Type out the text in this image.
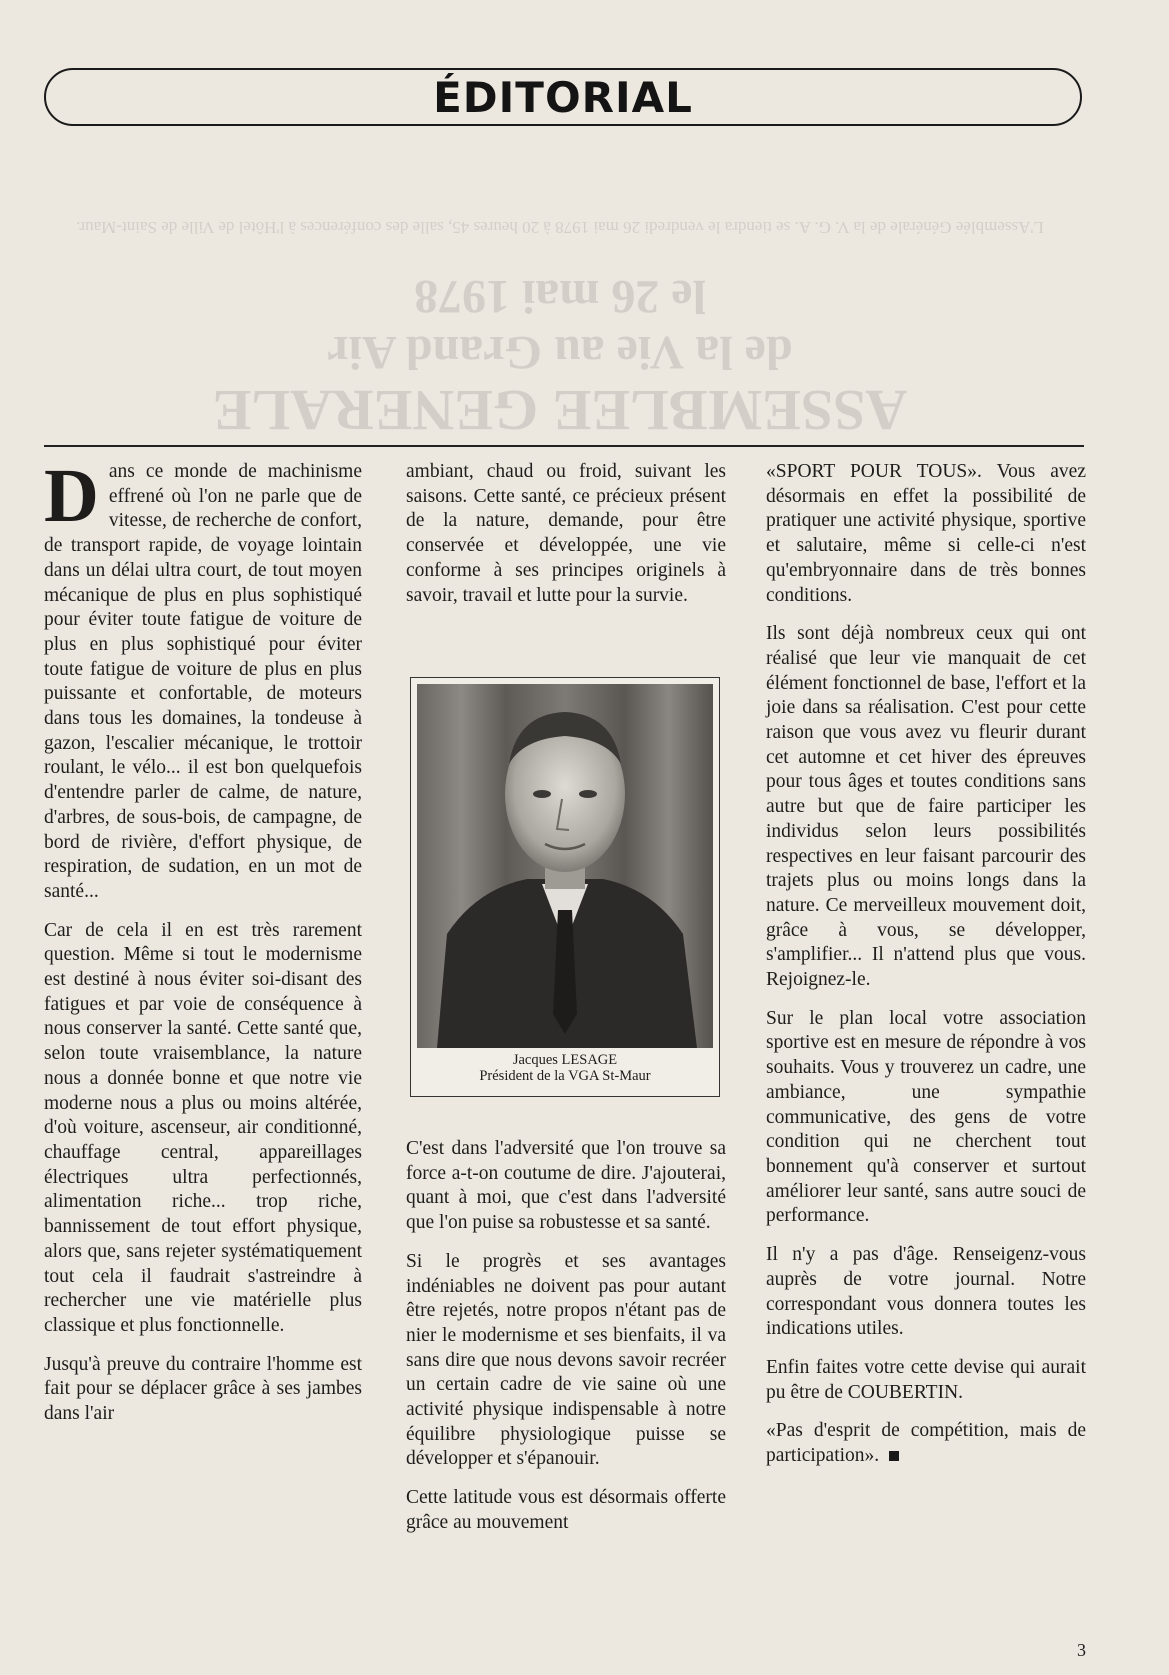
ASSEMBLEE GENERALE
de la Vie au Grand Air
le 26 mai 1978
L'Assemblée Générale de la V. G. A. se tiendra le vendredi 26 mai 1978 à 20 heures 45, salle des conférences à l'Hôtel de Ville de Saint-Maur.
ÉDITORIAL

Dans ce monde de machinisme effrené où l'on ne parle que de vitesse, de recherche de confort, de transport rapide, de voyage lointain dans un délai ultra court, de tout moyen mécanique de plus en plus sophistiqué pour éviter toute fatigue de voiture de plus en plus sophistiqué pour éviter toute fatigue de voiture de plus en plus puissante et confortable, de moteurs dans tous les domaines, la tondeuse à gazon, l'escalier mécanique, le trottoir roulant, le vélo... il est bon quelquefois d'entendre parler de calme, de nature, d'arbres, de sous-bois, de campagne, de bord de rivière, d'effort physique, de respiration, de sudation, en un mot de santé...

Car de cela il en est très rarement question. Même si tout le modernisme est destiné à nous éviter soi-disant des fatigues et par voie de conséquence à nous conserver la santé. Cette santé que, selon toute vraisemblance, la nature nous a donnée bonne et que notre vie moderne nous a plus ou moins altérée, d'où voiture, ascenseur, air conditionné, chauffage central, appareillages électriques ultra perfectionnés, alimentation riche... trop riche, bannissement de tout effort physique, alors que, sans rejeter systématiquement tout cela il faudrait s'astreindre à rechercher une vie matérielle plus classique et plus fonctionnelle.

Jusqu'à preuve du contraire l'homme est fait pour se déplacer grâce à ses jambes dans l'air

ambiant, chaud ou froid, suivant les saisons. Cette santé, ce précieux présent de la nature, demande, pour être conservée et développée, une vie conforme à ses principes originels à savoir, travail et lutte pour la survie.

Jacques LESAGE
Président de la VGA St-Maur

C'est dans l'adversité que l'on trouve sa force a-t-on coutume de dire. J'ajouterai, quant à moi, que c'est dans l'adversité que l'on puise sa robustesse et sa santé.

Si le progrès et ses avantages indéniables ne doivent pas pour autant être rejetés, notre propos n'étant pas de nier le modernisme et ses bienfaits, il va sans dire que nous devons savoir recréer un certain cadre de vie saine où une activité physique indispensable à notre équilibre physiologique puisse se développer et s'épanouir.

Cette latitude vous est désormais offerte grâce au mouvement

«SPORT POUR TOUS». Vous avez désormais en effet la possibilité de pratiquer une activité physique, sportive et salutaire, même si celle-ci n'est qu'embryonnaire dans de très bonnes conditions.

Ils sont déjà nombreux ceux qui ont réalisé que leur vie manquait de cet élément fonctionnel de base, l'effort et la joie dans sa réalisation. C'est pour cette raison que vous avez vu fleurir durant cet automne et cet hiver des épreuves pour tous âges et toutes conditions sans autre but que de faire participer les individus selon leurs possibilités respectives en leur faisant parcourir des trajets plus ou moins longs dans la nature. Ce merveilleux mouvement doit, grâce à vous, se développer, s'amplifier... Il n'attend plus que vous. Rejoignez-le.

Sur le plan local votre association sportive est en mesure de répondre à vos souhaits. Vous y trouverez un cadre, une ambiance, une sympathie communicative, des gens de votre condition qui ne cherchent tout bonnement qu'à conserver et surtout améliorer leur santé, sans autre souci de performance.

Il n'y a pas d'âge. Renseigenz-vous auprès de votre journal. Notre correspondant vous donnera toutes les indications utiles.

Enfin faites votre cette devise qui aurait pu être de COUBERTIN.

«Pas d'esprit de compétition, mais de participation».

3
